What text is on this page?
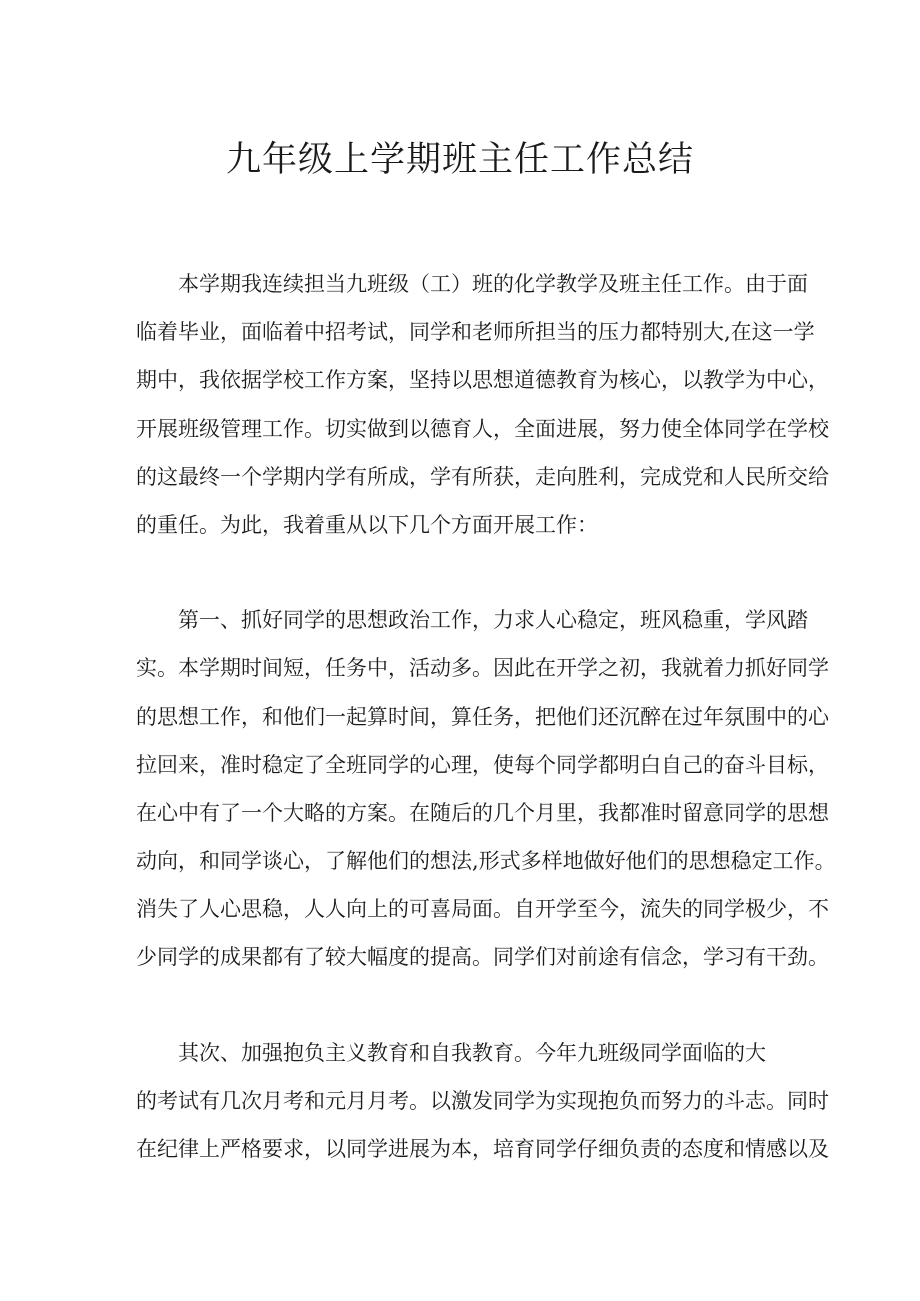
九年级上学期班主任工作总结

本学期我连续担当九班级（工）班的化学教学及班主任工作。由于面

临着毕业，面临着中招考试，同学和老师所担当的压力都特别大,在这一学

期中，我依据学校工作方案，坚持以思想道德教育为核心，以教学为中心，

开展班级管理工作。切实做到以德育人，全面进展，努力使全体同学在学校

的这最终一个学期内学有所成，学有所获，走向胜利，完成党和人民所交给

的重任。为此，我着重从以下几个方面开展工作：

第一、抓好同学的思想政治工作，力求人心稳定，班风稳重，学风踏

实。本学期时间短，任务中，活动多。因此在开学之初，我就着力抓好同学

的思想工作，和他们一起算时间，算任务，把他们还沉醉在过年氛围中的心

拉回来，准时稳定了全班同学的心理，使每个同学都明白自己的奋斗目标，

在心中有了一个大略的方案。在随后的几个月里，我都准时留意同学的思想

动向，和同学谈心，了解他们的想法,形式多样地做好他们的思想稳定工作。

消失了人心思稳，人人向上的可喜局面。自开学至今，流失的同学极少，不

少同学的成果都有了较大幅度的提高。同学们对前途有信念，学习有干劲。

其次、加强抱负主义教育和自我教育。今年九班级同学面临的大

的考试有几次月考和元月月考。以激发同学为实现抱负而努力的斗志。同时

在纪律上严格要求，以同学进展为本，培育同学仔细负责的态度和情感以及
